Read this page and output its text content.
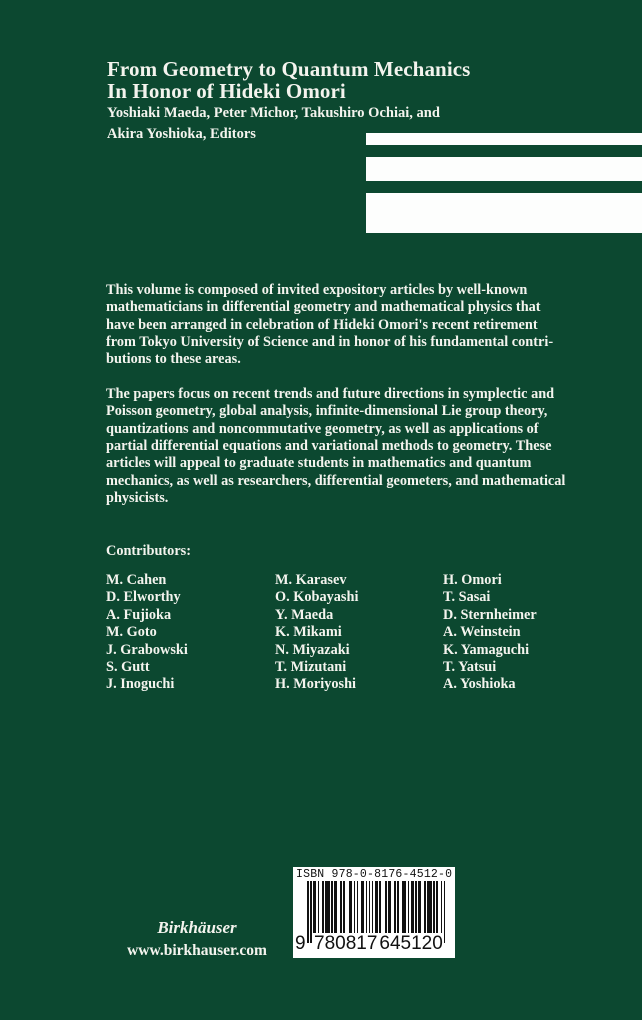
From Geometry to Quantum Mechanics
In Honor of Hideki Omori
Yoshiaki Maeda, Peter Michor, Takushiro Ochiai, and
Akira Yoshioka, Editors
This volume is composed of invited expository articles by well-known
mathematicians in differential geometry and mathematical physics that
have been arranged in celebration of Hideki Omori's recent retirement
from Tokyo University of Science and in honor of his fundamental contri-
butions to these areas.
The papers focus on recent trends and future directions in symplectic and
Poisson geometry, global analysis, infinite-dimensional Lie group theory,
quantizations and noncommutative geometry, as well as applications of
partial differential equations and variational methods to geometry. These
articles will appeal to graduate students in mathematics and quantum
mechanics, as well as researchers, differential geometers, and mathematical
physicists.
Contributors:
M. Cahen
D. Elworthy
A. Fujioka
M. Goto
J. Grabowski
S. Gutt
J. Inoguchi
M. Karasev
O. Kobayashi
Y. Maeda
K. Mikami
N. Miyazaki
T. Mizutani
H. Moriyoshi
H. Omori
T. Sasai
D. Sternheimer
A. Weinstein
K. Yamaguchi
T. Yatsui
A. Yoshioka
Birkhäuser
www.birkhauser.com
ISBN 978-0-8176-4512-0
9 780817 645120
